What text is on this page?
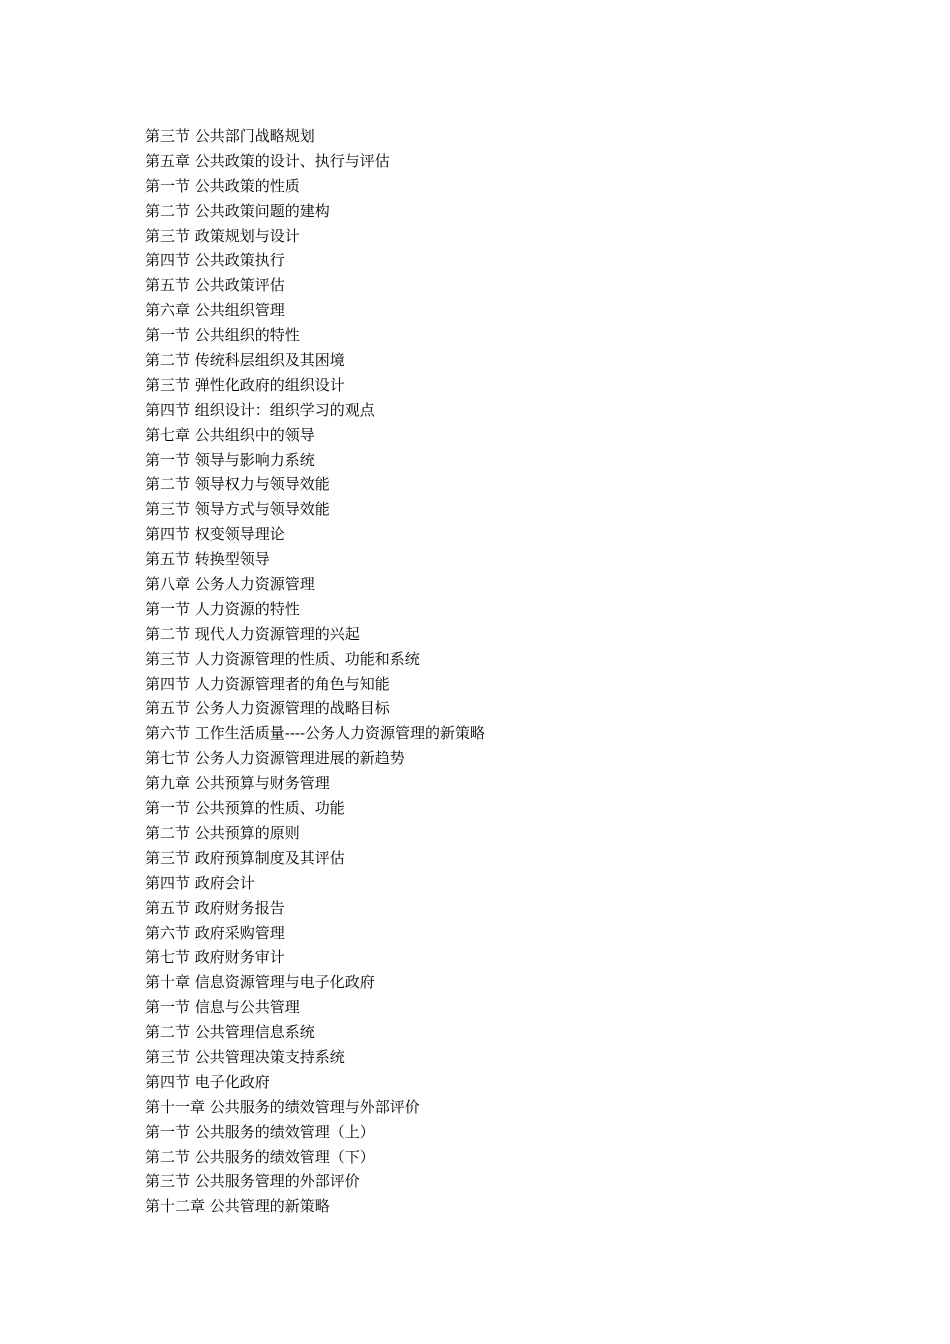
第三节 公共部门战略规划
第五章 公共政策的设计、执行与评估
第一节 公共政策的性质
第二节 公共政策问题的建构
第三节 政策规划与设计
第四节 公共政策执行
第五节 公共政策评估
第六章 公共组织管理
第一节 公共组织的特性
第二节 传统科层组织及其困境
第三节 弹性化政府的组织设计
第四节 组织设计：组织学习的观点
第七章 公共组织中的领导
第一节 领导与影响力系统
第二节 领导权力与领导效能
第三节 领导方式与领导效能
第四节 权变领导理论
第五节 转换型领导
第八章 公务人力资源管理
第一节 人力资源的特性
第二节 现代人力资源管理的兴起
第三节 人力资源管理的性质、功能和系统
第四节 人力资源管理者的角色与知能
第五节 公务人力资源管理的战略目标
第六节 工作生活质量----公务人力资源管理的新策略
第七节 公务人力资源管理进展的新趋势
第九章 公共预算与财务管理
第一节 公共预算的性质、功能
第二节 公共预算的原则
第三节 政府预算制度及其评估
第四节 政府会计
第五节 政府财务报告
第六节 政府采购管理
第七节 政府财务审计
第十章 信息资源管理与电子化政府
第一节 信息与公共管理
第二节 公共管理信息系统
第三节 公共管理决策支持系统
第四节 电子化政府
第十一章 公共服务的绩效管理与外部评价
第一节 公共服务的绩效管理（上）
第二节 公共服务的绩效管理（下）
第三节 公共服务管理的外部评价
第十二章 公共管理的新策略
